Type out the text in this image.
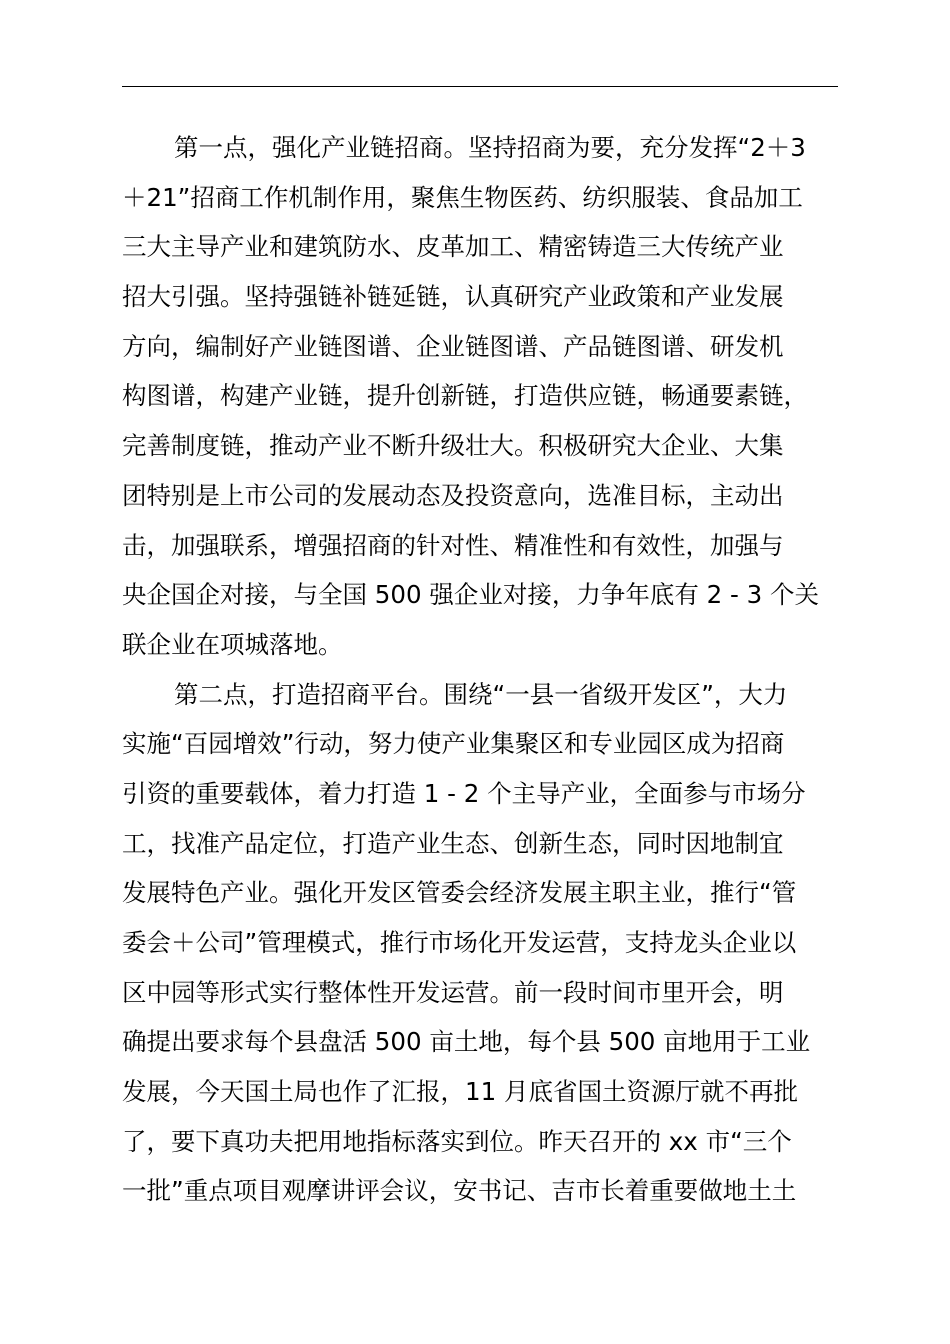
第一点，强化产业链招商。坚持招商为要，充分发挥“2＋3
＋21”招商工作机制作用，聚焦生物医药、纺织服装、食品加工
三大主导产业和建筑防水、皮革加工、精密铸造三大传统产业
招大引强。坚持强链补链延链，认真研究产业政策和产业发展
方向，编制好产业链图谱、企业链图谱、产品链图谱、研发机
构图谱，构建产业链，提升创新链，打造供应链，畅通要素链，
完善制度链，推动产业不断升级壮大。积极研究大企业、大集
团特别是上市公司的发展动态及投资意向，选准目标，主动出
击，加强联系，增强招商的针对性、精准性和有效性，加强与
央企国企对接，与全国 500 强企业对接，力争年底有 2 - 3 个关
联企业在项城落地。
第二点，打造招商平台。围绕“一县一省级开发区”，大力
实施“百园增效”行动，努力使产业集聚区和专业园区成为招商
引资的重要载体，着力打造 1 - 2 个主导产业，全面参与市场分
工，找准产品定位，打造产业生态、创新生态，同时因地制宜
发展特色产业。强化开发区管委会经济发展主职主业，推行“管
委会＋公司”管理模式，推行市场化开发运营，支持龙头企业以
区中园等形式实行整体性开发运营。前一段时间市里开会，明
确提出要求每个县盘活 500 亩土地，每个县 500 亩地用于工业
发展，今天国土局也作了汇报，11 月底省国土资源厅就不再批
了，要下真功夫把用地指标落实到位。昨天召开的 xx 市“三个
一批”重点项目观摩讲评会议，安书记、吉市长着重要做地土土
